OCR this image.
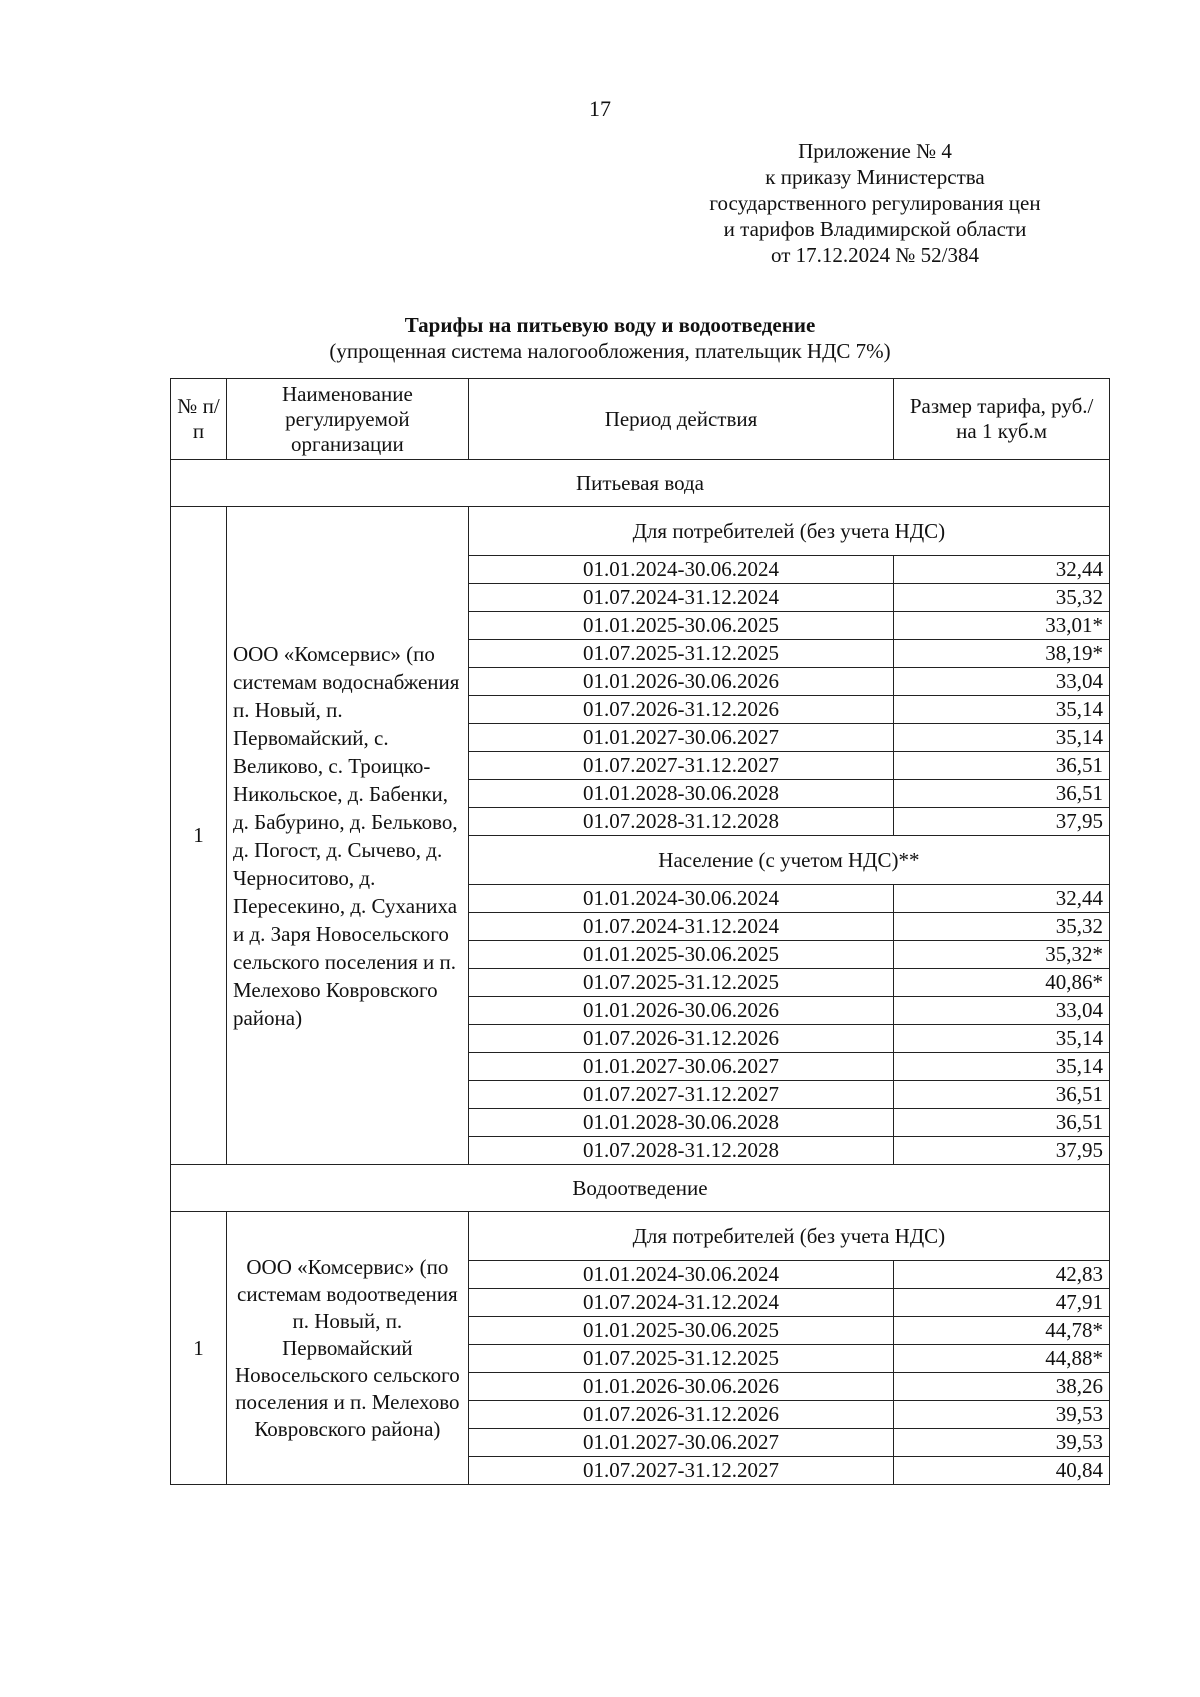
17
Приложение № 4
к приказу Министерства
государственного регулирования цен
и тарифов Владимирской области
от 17.12.2024 № 52/384
Тарифы на питьевую воду и водоотведение
(упрощенная система налогообложения, плательщик НДС 7%)
№ п/п	Наименование регулируемой организации	Период действия	Размер тарифа, руб./на 1 куб.м
Питьевая вода			
1	ООО «Комсервис» (по системам водоснабжения п. Новый, п. Первомайский, с. Великово, с. Троицко-Никольское, д. Бабенки, д. Бабурино, д. Бельково, д. Погост, д. Сычево, д. Черноситово, д. Пересекино, д. Суханиха и д. Заря Новосельского сельского поселения и п. Мелехово Ковровского района)	Для потребителей (без учета НДС)	
		01.01.2024-30.06.2024	32,44
		01.07.2024-31.12.2024	35,32
		01.01.2025-30.06.2025	33,01*
		01.07.2025-31.12.2025	38,19*
		01.01.2026-30.06.2026	33,04
		01.07.2026-31.12.2026	35,14
		01.01.2027-30.06.2027	35,14
		01.07.2027-31.12.2027	36,51
		01.01.2028-30.06.2028	36,51
		01.07.2028-31.12.2028	37,95
		Население (с учетом НДС)**	
		01.01.2024-30.06.2024	32,44
		01.07.2024-31.12.2024	35,32
		01.01.2025-30.06.2025	35,32*
		01.07.2025-31.12.2025	40,86*
		01.01.2026-30.06.2026	33,04
		01.07.2026-31.12.2026	35,14
		01.01.2027-30.06.2027	35,14
		01.07.2027-31.12.2027	36,51
		01.01.2028-30.06.2028	36,51
		01.07.2028-31.12.2028	37,95
Водоотведение			
1	ООО «Комсервис» (по системам водоотведения п. Новый, п. Первомайский Новосельского сельского поселения и п. Мелехово Ковровского района)	Для потребителей (без учета НДС)	
		01.01.2024-30.06.2024	42,83
		01.07.2024-31.12.2024	47,91
		01.01.2025-30.06.2025	44,78*
		01.07.2025-31.12.2025	44,88*
		01.01.2026-30.06.2026	38,26
		01.07.2026-31.12.2026	39,53
		01.01.2027-30.06.2027	39,53
		01.07.2027-31.12.2027	40,84
